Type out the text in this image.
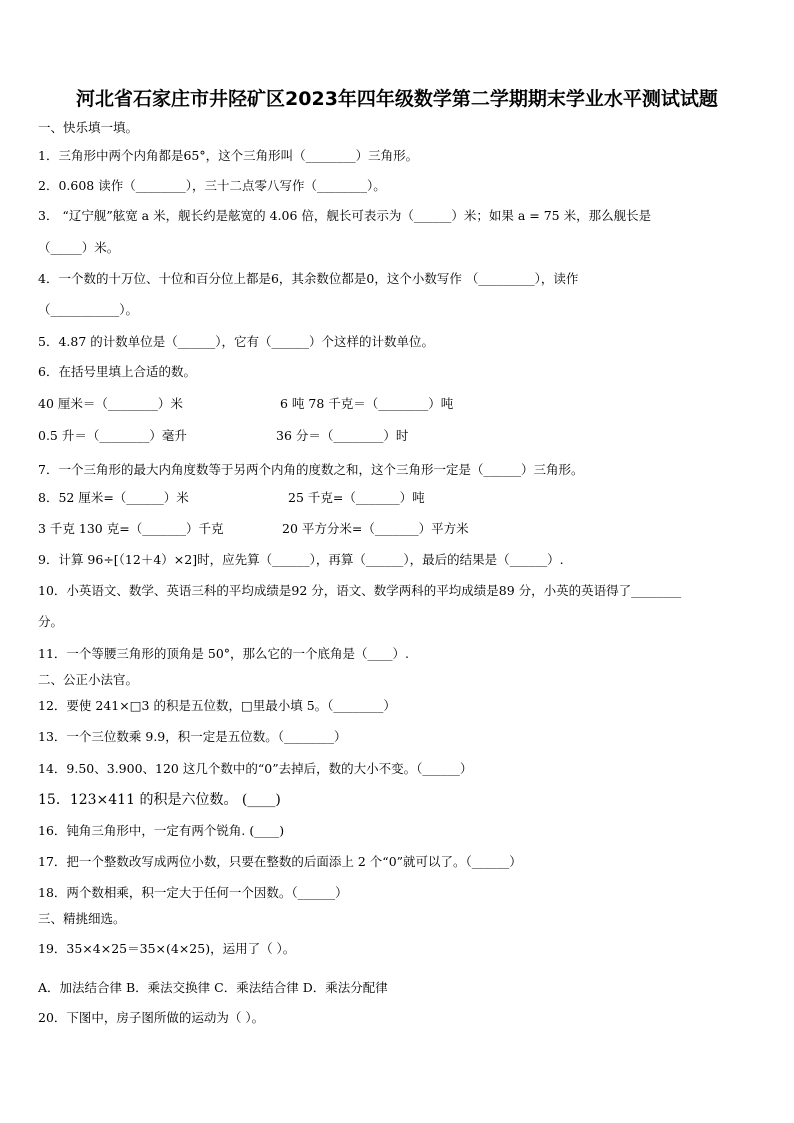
河北省石家庄市井陉矿区2023年四年级数学第二学期期末学业水平测试试题
一、快乐填一填。
1．三角形中两个内角都是65°，这个三角形叫（________）三角形。
2．0.608 读作（________），三十二点零八写作（________）。
3． “辽宁舰”舷宽 a 米，舰长约是舷宽的 4.06 倍，舰长可表示为（______）米；如果 a = 75 米，那么舰长是
（_____）米。
4．一个数的十万位、十位和百分位上都是6，其余数位都是0，这个小数写作 （_________），读作
（___________）。
5．4.87 的计数单位是（______），它有（______）个这样的计数单位。
6．在括号里填上合适的数。
7．一个三角形的最大内角度数等于另两个内角的度数之和，这个三角形一定是（______）三角形。
10．小英语文、数学、英语三科的平均成绩是92 分，语文、数学两科的平均成绩是89 分，小英的英语得了________
分。
11．一个等腰三角形的顶角是 50°，那么它的一个底角是（____）.
二、公正小法官。
12．要使 241×□3 的积是五位数，□里最小填 5。（________）
13．一个三位数乘 9.9，积一定是五位数。（________）
14．9.50、3.900、120 这几个数中的“0”去掉后，数的大小不变。（______）
16．钝角三角形中，一定有两个锐角. (____)
17．把一个整数改写成两位小数，只要在整数的后面添上 2 个“0”就可以了。（______）
18．两个数相乘，积一定大于任何一个因数。（______）
三、精挑细选。
19．35×4×25＝35×(4×25)，运用了（ ）。
A．加法结合律 B．乘法交换律 C．乘法结合律 D．乘法分配律
20．下图中，房子图所做的运动为（ ）。
15．123×411 的积是六位数。 (____)
9．计算 96÷[（12＋4）×2]时，应先算（______），再算（______），最后的结果是（______）.
40 厘米＝（________）米	6 吨 78 千克＝（________）吨
0.5 升＝（________）毫升	36 分＝（________）时
8．52 厘米=（______）米	25 千克=（_______）吨
3 千克 130 克=（_______）千克	20 平方分米=（_______）平方米
